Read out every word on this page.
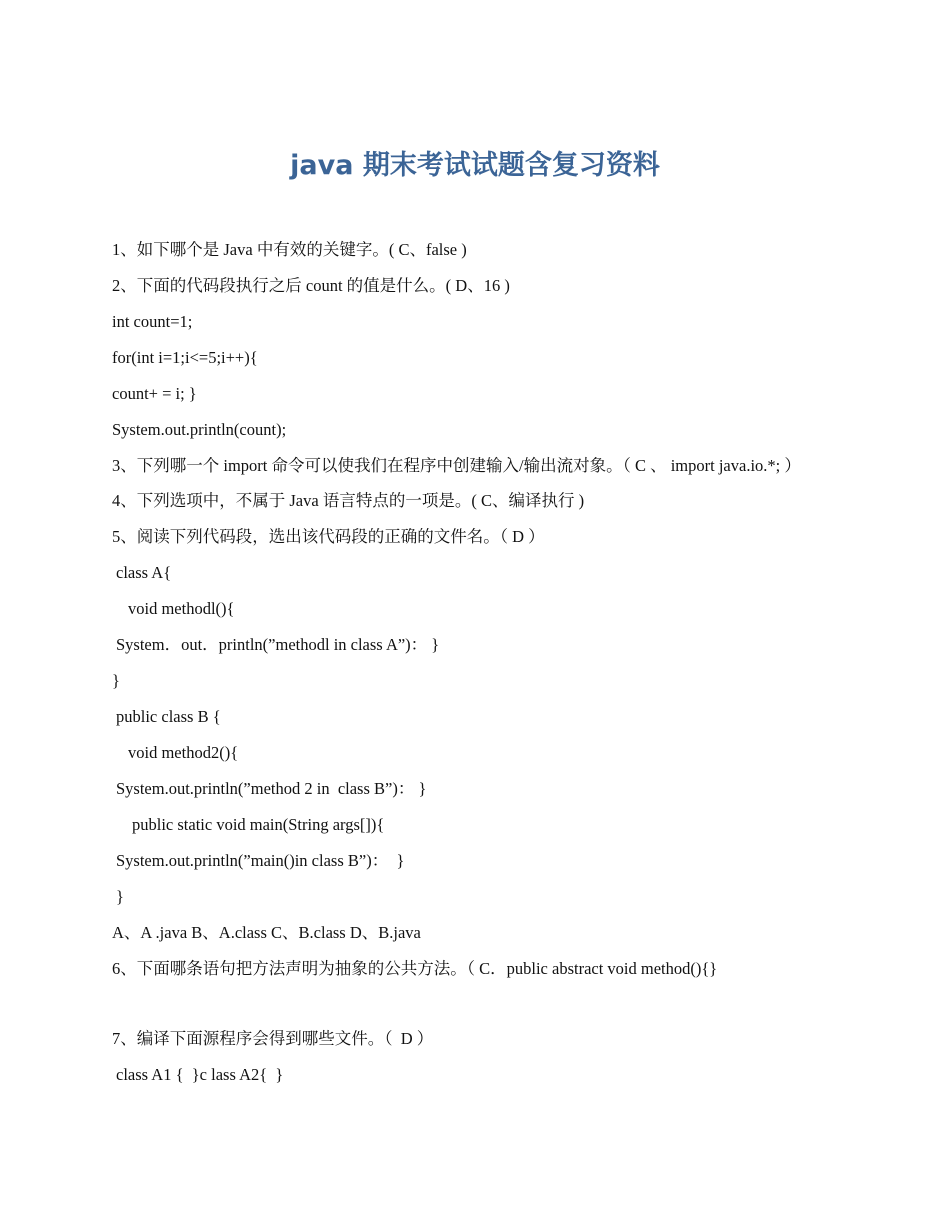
java 期末考试试题含复习资料
1、如下哪个是 Java 中有效的关键字。( C、false )
2、下面的代码段执行之后 count 的值是什么。( D、16 )
int count=1;
for(int i=1;i<=5;i++){
count+ = i; }
System.out.println(count);
3、下列哪一个 import 命令可以使我们在程序中创建输入/输出流对象。（ C 、 import java.io.*; ）
4、下列选项中，不属于 Java 语言特点的一项是。( C、编译执行 )
5、阅读下列代码段，选出该代码段的正确的文件名。（ D ）
class A{
void methodl(){
System．out．println(”methodl in class A”)： }
}
public class B {
void method2(){
System.out.println(”method 2 in  class B”)： }
public static void main(String args[]){
System.out.println(”main()in class B”)：  }
}
A、A .java B、A.class C、B.class D、B.java
6、下面哪条语句把方法声明为抽象的公共方法。（ C．public abstract void method(){}
7、编译下面源程序会得到哪些文件。（  D ）
class A1 {  }c lass A2{  }
